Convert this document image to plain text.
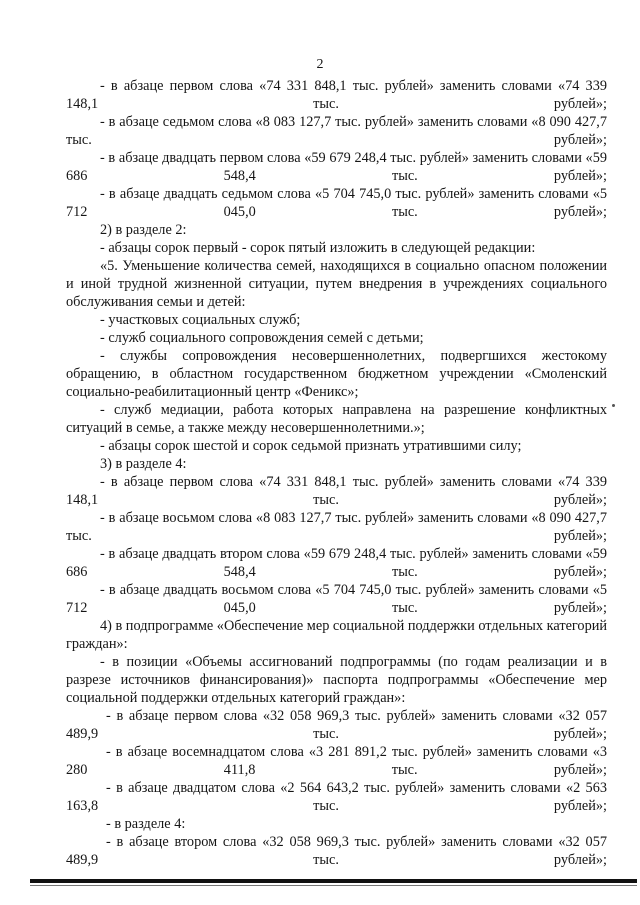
2

- в абзаце первом слова «74 331 848,1 тыс. рублей» заменить словами «74 339 148,1 тыс. рублей»;

- в абзаце седьмом слова «8 083 127,7 тыс. рублей» заменить словами «8 090 427,7 тыс. рублей»;

- в абзаце двадцать первом слова «59 679 248,4 тыс. рублей» заменить словами «59 686 548,4 тыс. рублей»;

- в абзаце двадцать седьмом слова «5 704 745,0 тыс. рублей» заменить словами «5 712 045,0 тыс. рублей»;

2) в разделе 2:

- абзацы сорок первый - сорок пятый изложить в следующей редакции:

«5. Уменьшение количества семей, находящихся в социально опасном положении и иной трудной жизненной ситуации, путем внедрения в учреждениях социального обслуживания семьи и детей:

- участковых социальных служб;

- служб социального сопровождения семей с детьми;

- службы сопровождения несовершеннолетних, подвергшихся жестокому обращению, в областном государственном бюджетном учреждении «Смоленский социально-реабилитационный центр «Феникс»;

- служб медиации, работа которых направлена на разрешение конфликтных ситуаций в семье, а также между несовершеннолетними.»;

- абзацы сорок шестой и сорок седьмой признать утратившими силу;

3) в разделе 4:

- в абзаце первом слова «74 331 848,1 тыс. рублей» заменить словами «74 339 148,1 тыс. рублей»;

- в абзаце восьмом слова «8 083 127,7 тыс. рублей» заменить словами «8 090 427,7 тыс. рублей»;

- в абзаце двадцать втором слова «59 679 248,4 тыс. рублей» заменить словами «59 686 548,4 тыс. рублей»;

- в абзаце двадцать восьмом слова «5 704 745,0 тыс. рублей» заменить словами «5 712 045,0 тыс. рублей»;

4) в подпрограмме «Обеспечение мер социальной поддержки отдельных категорий граждан»:

- в позиции «Объемы ассигнований подпрограммы (по годам реализации и в разрезе источников финансирования)» паспорта подпрограммы «Обеспечение мер социальной поддержки отдельных категорий граждан»:

- в абзаце первом слова «32 058 969,3 тыс. рублей» заменить словами «32 057 489,9 тыс. рублей»;

- в абзаце восемнадцатом слова «3 281 891,2 тыс. рублей» заменить словами «3 280 411,8 тыс. рублей»;

- в абзаце двадцатом слова «2 564 643,2 тыс. рублей» заменить словами «2 563 163,8 тыс. рублей»;

- в разделе 4:

- в абзаце втором слова «32 058 969,3 тыс. рублей» заменить словами «32 057 489,9 тыс. рублей»;
